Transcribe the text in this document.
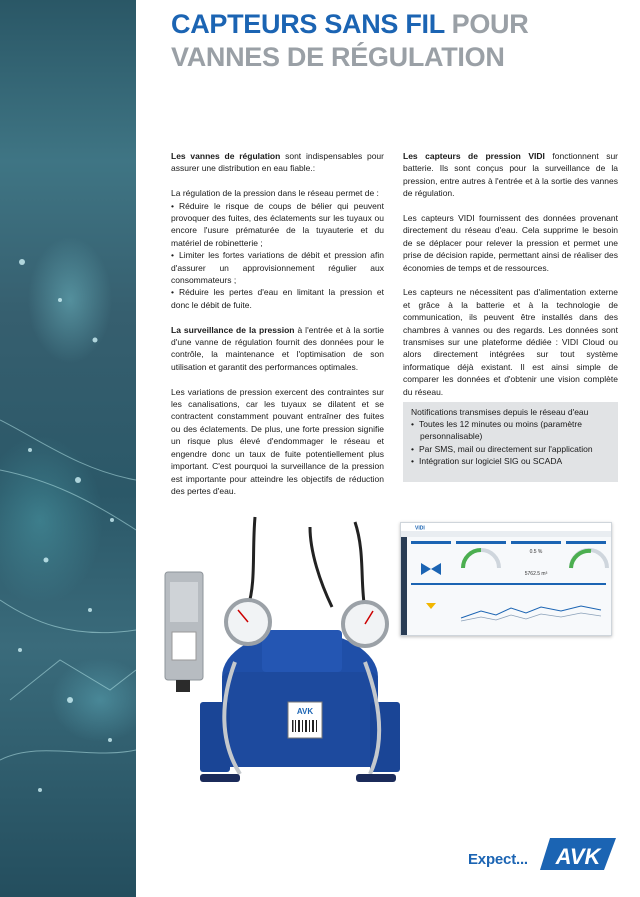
CAPTEURS SANS FIL POUR VANNES DE RÉGULATION

Les vannes de régulation sont indispensables pour assurer une distribution en eau fiable.:

La régulation de la pression dans le réseau permet de :

• Réduire le risque de coups de bélier qui peuvent provoquer des fuites, des éclatements sur les tuyaux ou encore l'usure prématurée de la tuyauterie et du matériel de robinetterie ;
• Limiter les fortes variations de débit et pression afin d'assurer un approvisionnement régulier aux consommateurs ;
• Réduire les pertes d'eau en limitant la pression et donc le débit de fuite.

La surveillance de la pression à l'entrée et à la sortie d'une vanne de régulation fournit des données pour le contrôle, la maintenance et l'optimisation de son utilisation et garantit des performances optimales.

Les variations de pression exercent des contraintes sur les canalisations, car les tuyaux se dilatent et se contractent constamment pouvant entraîner des fuites ou des éclatements. De plus, une forte pression signifie un risque plus élevé d'endommager le réseau et engendre donc un taux de fuite potentiellement plus important. C'est pourquoi la surveillance de la pression est importante pour atteindre les objectifs de réduction des pertes d'eau.

Les capteurs de pression VIDI fonctionnent sur batterie. Ils sont conçus pour la surveillance de la pression, entre autres à l'entrée et à la sortie des vannes de régulation.

Les capteurs VIDI fournissent des données provenant directement du réseau d'eau. Cela supprime le besoin de se déplacer pour relever la pression et permet une prise de décision rapide, permettant ainsi de réaliser des économies de temps et de ressources.

Les capteurs ne nécessitent pas d'alimentation externe et grâce à la batterie et à la technologie de communication, ils peuvent être installés dans des chambres à vannes ou des regards. Les données sont transmises sur une plateforme dédiée : VIDI Cloud ou alors directement intégrées sur tout système informatique déjà existant. Il est ainsi simple de comparer les données et d'obtenir une vision complète du réseau.

Notifications transmises depuis le réseau d'eau

• Toutes les 12 minutes ou moins (paramètre personnalisable)
• Par SMS, mail ou directement sur l'application
• Intégration sur logiciel SIG ou SCADA
AVK
VIDI
0.5 %
5762.5 m³
Expect... AVK
